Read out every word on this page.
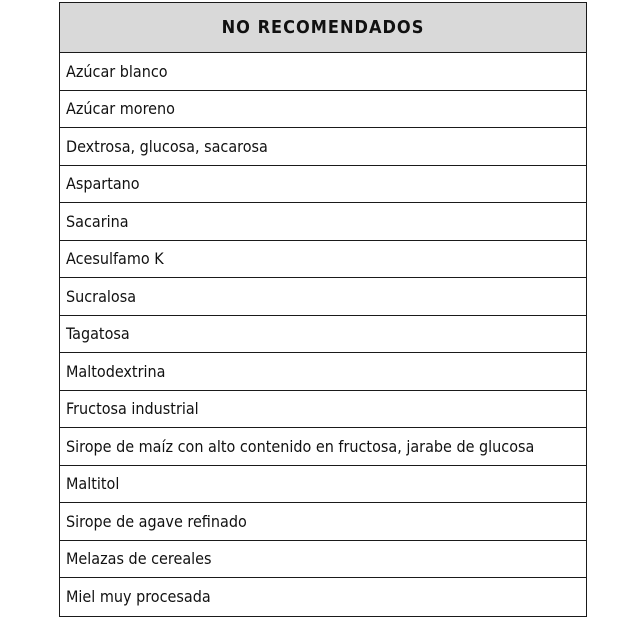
NO RECOMENDADOS
Azúcar blanco
Azúcar moreno
Dextrosa, glucosa, sacarosa
Aspartano
Sacarina
Acesulfamo K
Sucralosa
Tagatosa
Maltodextrina
Fructosa industrial
Sirope de maíz con alto contenido en fructosa, jarabe de glucosa
Maltitol
Sirope de agave refinado
Melazas de cereales
Miel muy procesada
